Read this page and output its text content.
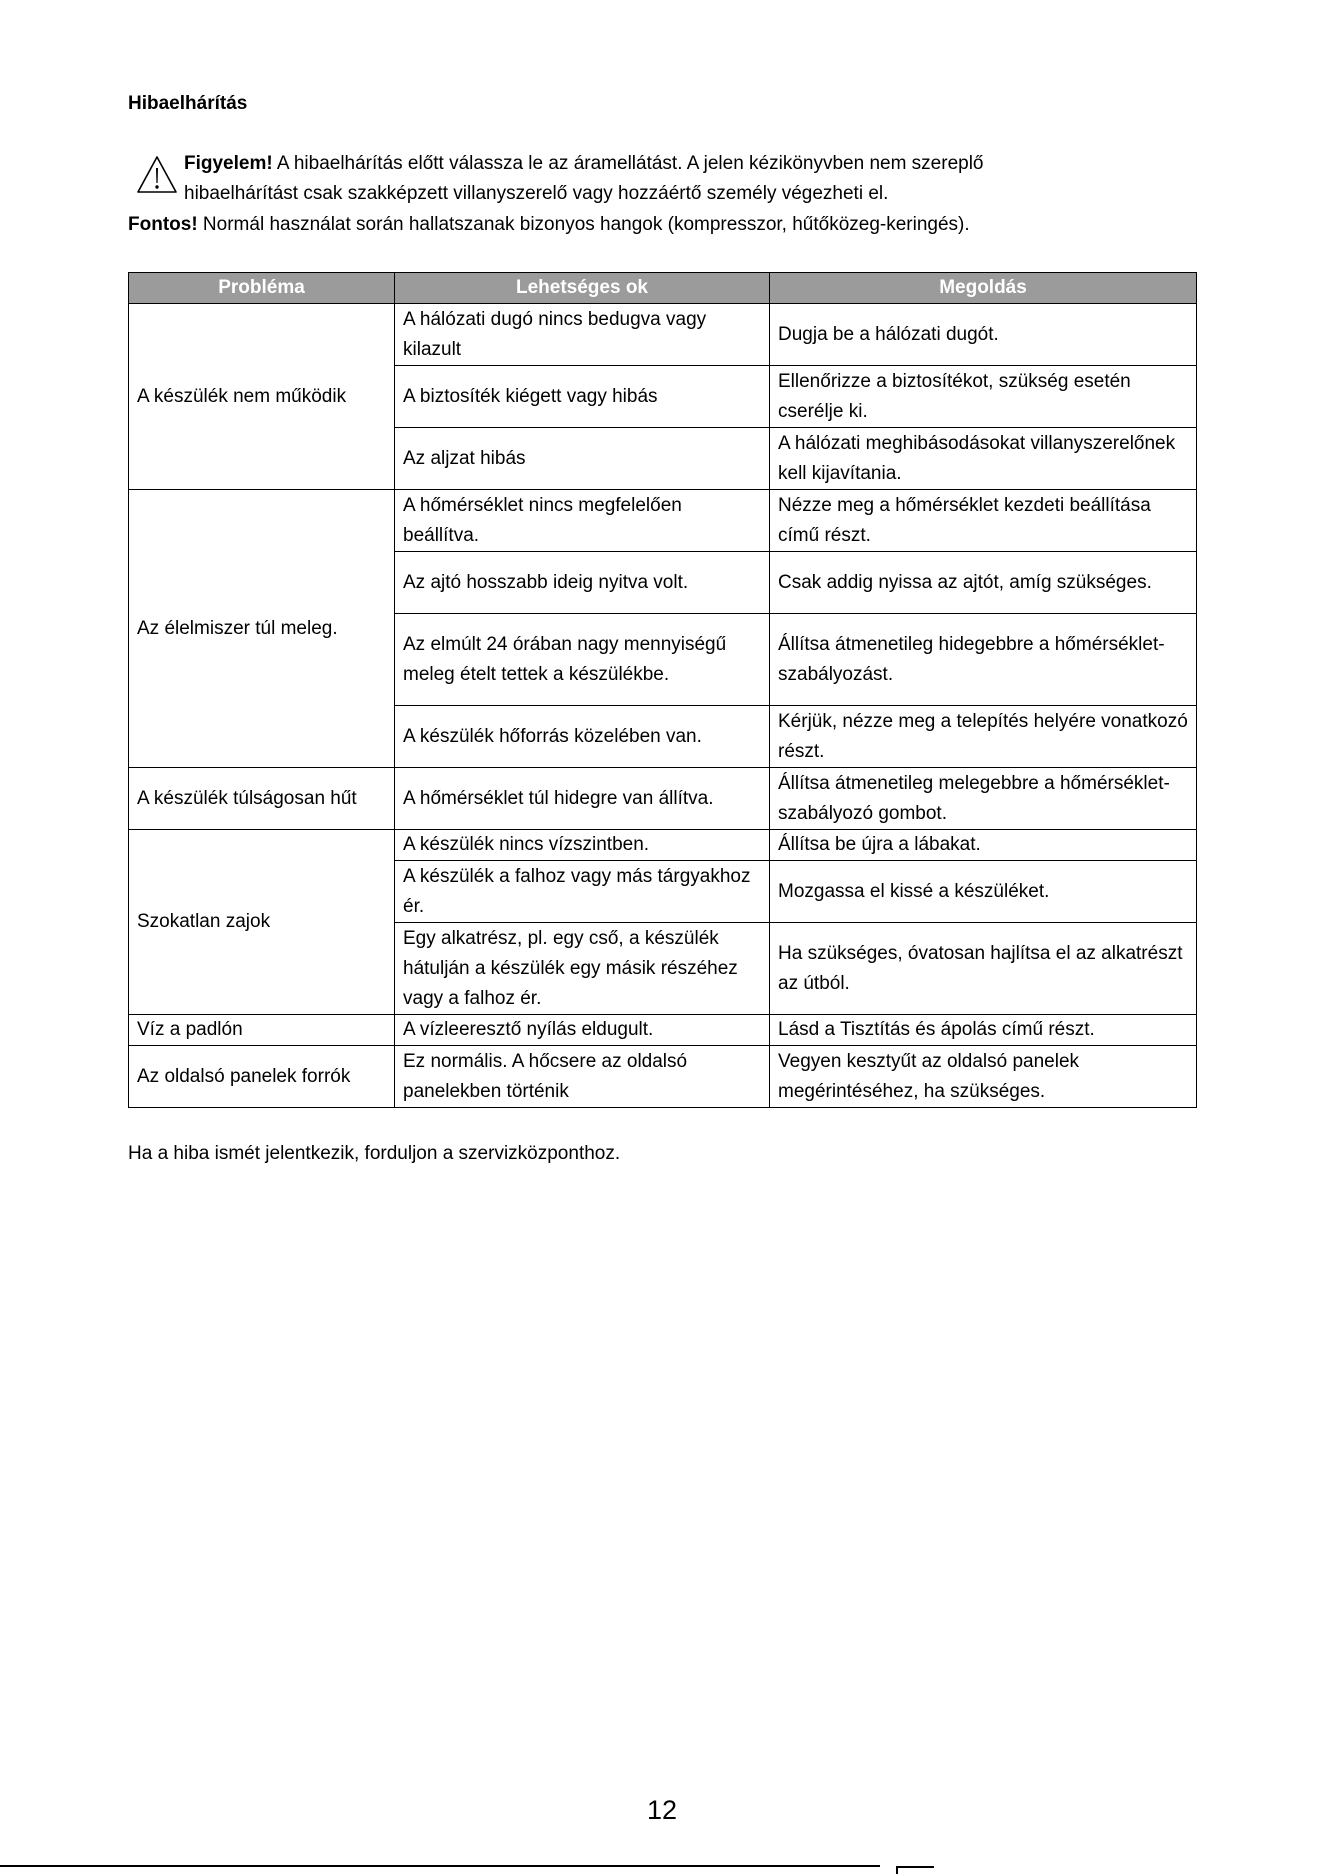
Hibaelhárítás
Figyelem! A hibaelhárítás előtt válassza le az áramellátást. A jelen kézikönyvben nem szereplő
hibaelhárítást csak szakképzett villanyszerelő vagy hozzáértő személy végezheti el.
Fontos! Normál használat során hallatszanak bizonyos hangok (kompresszor, hűtőközeg-keringés).
Probléma	Lehetséges ok	Megoldás
A készülék nem működik	A hálózati dugó nincs bedugva vagy kilazult	Dugja be a hálózati dugót.
	A biztosíték kiégett vagy hibás	Ellenőrizze a biztosítékot, szükség esetén cserélje ki.
	Az aljzat hibás	A hálózati meghibásodásokat villanyszerelőnek kell kijavítania.
Az élelmiszer túl meleg.	A hőmérséklet nincs megfelelően beállítva.	Nézze meg a hőmérséklet kezdeti beállítása című részt.
	Az ajtó hosszabb ideig nyitva volt.	Csak addig nyissa az ajtót, amíg szükséges.
	Az elmúlt 24 órában nagy mennyiségű meleg ételt tettek a készülékbe.	Állítsa átmenetileg hidegebbre a hőmérséklet-szabályozást.
	A készülék hőforrás közelében van.	Kérjük, nézze meg a telepítés helyére vonatkozó részt.
A készülék túlságosan hűt	A hőmérséklet túl hidegre van állítva.	Állítsa átmenetileg melegebbre a hőmérséklet-szabályozó gombot.
Szokatlan zajok	A készülék nincs vízszintben.	Állítsa be újra a lábakat.
	A készülék a falhoz vagy más tárgyakhoz ér.	Mozgassa el kissé a készüléket.
	Egy alkatrész, pl. egy cső, a készülék hátulján a készülék egy másik részéhez vagy a falhoz ér.	Ha szükséges, óvatosan hajlítsa el az alkatrészt az útból.
Víz a padlón	A vízleeresztő nyílás eldugult.	Lásd a Tisztítás és ápolás című részt.
Az oldalsó panelek forrók	Ez normális. A hőcsere az oldalsó panelekben történik	Vegyen kesztyűt az oldalsó panelek megérintéséhez, ha szükséges.
Ha a hiba ismét jelentkezik, forduljon a szervizközponthoz.
12
